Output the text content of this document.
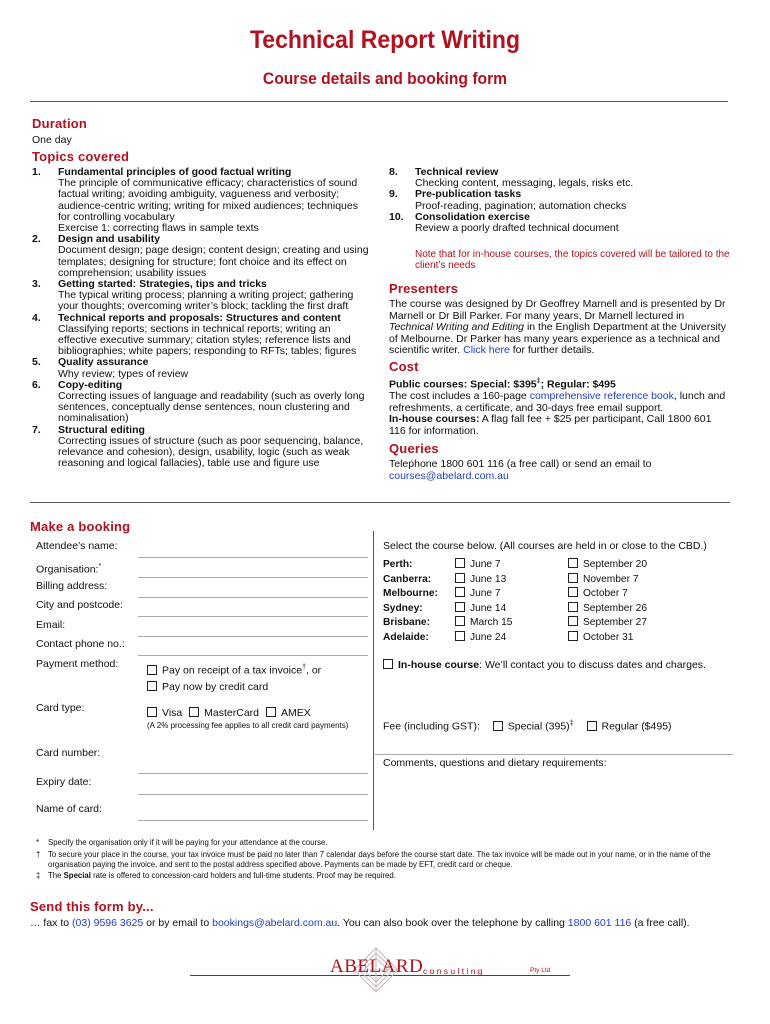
Technical Report Writing
Course details and booking form
Duration
One day
Topics covered
1. Fundamental principles of good factual writing
The principle of communicative efficacy; characteristics of sound factual writing; avoiding ambiguity, vagueness and verbosity; audience-centric writing; writing for mixed audiences; techniques for controlling vocabulary
Exercise 1: correcting flaws in sample texts
2. Design and usability
Document design; page design; content design; creating and using templates; designing for structure; font choice and its effect on comprehension; usability issues
3. Getting started: Strategies, tips and tricks
The typical writing process; planning a writing project; gathering your thoughts; overcoming writer’s block; tackling the first draft
4. Technical reports and proposals: Structures and content
Classifying reports; sections in technical reports; writing an effective executive summary; citation styles; reference lists and bibliographies; white papers; responding to RFTs; tables; figures
5. Quality assurance
Why review; types of review
6. Copy-editing
Correcting issues of language and readability (such as overly long sentences, conceptually dense sentences, noun clustering and nominalisation)
7. Structural editing
Correcting issues of structure (such as poor sequencing, balance, relevance and cohesion), design, usability, logic (such as weak reasoning and logical fallacies), table use and figure use
8. Technical review
Checking content, messaging, legals, risks etc.
9. Pre-publication tasks
Proof-reading, pagination; automation checks
10. Consolidation exercise
Review a poorly drafted technical document
Note that for in-house courses, the topics covered will be tailored to the client’s needs
Presenters
The course was designed by Dr Geoffrey Marnell and is presented by Dr Marnell or Dr Bill Parker. For many years, Dr Marnell lectured in Technical Writing and Editing in the English Department at the University of Melbourne. Dr Parker has many years experience as a technical and scientific writer. Click here for further details.
Cost
Public courses: Special: $395‡; Regular: $495
The cost includes a 160-page comprehensive reference book, lunch and refreshments, a certificate, and 30-days free email support.
In-house courses: A flag fall fee + $25 per participant, Call 1800 601 116 for information.
Queries
Telephone 1800 601 116 (a free call) or send an email to
courses@abelard.com.au
Make a booking
Attendee’s name:
Organisation:*
Billing address:
City and postcode:
Email:
Contact phone no.:
Payment method:
Pay on receipt of a tax invoice†, or
Pay now by credit card
Card type:	Visa MasterCard AMEX
(A 2% processing fee applies to all credit card payments)
Card number:
Expiry date:
Name of card:
Select the course below. (All courses are held in or close to the CBD.)
Perth:	June 7	September 20
Canberra:	June 13	November 7
Melbourne:	June 7	October 7
Sydney:	June 14	September 26
Brisbane:	March 15	September 27
Adelaide:	June 24	October 31
In-house course: We’ll contact you to discuss dates and charges.
Fee (including GST):	Special (395)‡	Regular ($495)
Comments, questions and dietary requirements:
* Specify the organisation only if it will be paying for your attendance at the course.
† To secure your place in the course, your tax invoice must be paid no later than 7 calendar days before the course start date. The tax invoice will be made out in your name, or in the name of the organisation paying the invoice, and sent to the postal address specified above. Payments can be made by EFT, credit card or cheque.
‡ The Special rate is offered to concession-card holders and full-time students. Proof may be required.
Send this form by...
… fax to (03) 9596 3625 or by email to bookings@abelard.com.au. You can also book over the telephone by calling 1800 601 116 (a free call).
ABELARD c o n s u l t i n g	Pty Ltd
